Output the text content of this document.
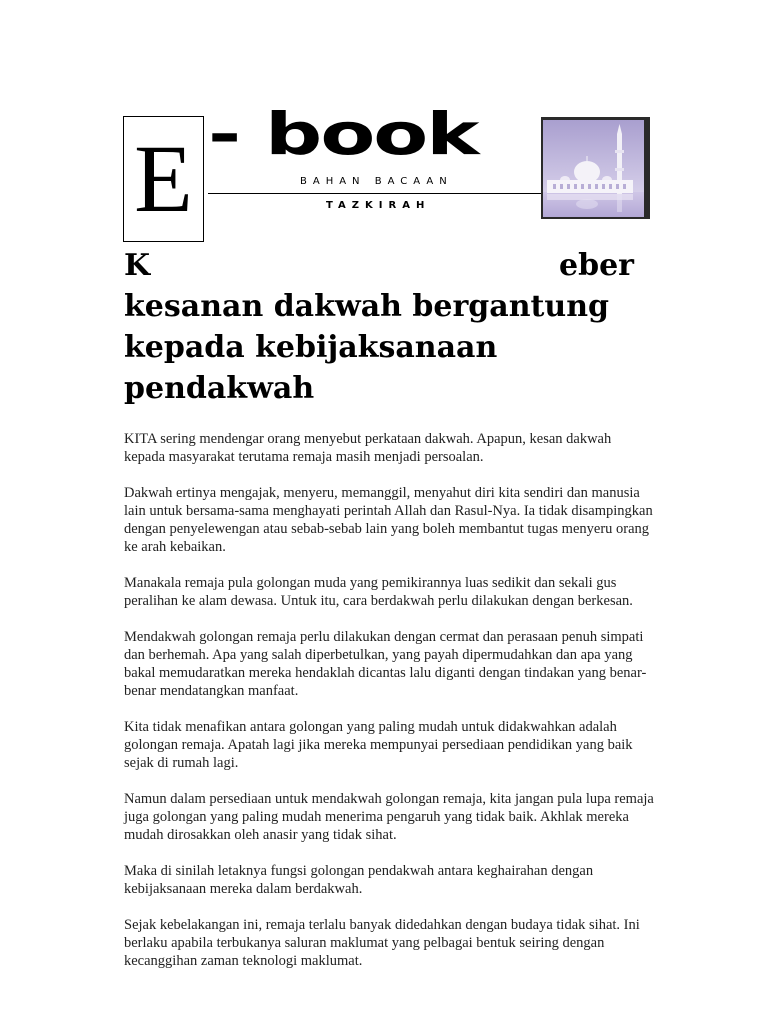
E - book
BAHAN BACAAN
TAZKIRAH
K	eber
kesanan dakwah bergantung kepada kebijaksanaan pendakwah

KITA sering mendengar orang menyebut perkataan dakwah. Apapun, kesan dakwah kepada masyarakat terutama remaja masih menjadi persoalan.

Dakwah ertinya mengajak, menyeru, memanggil, menyahut diri kita sendiri dan manusia lain untuk bersama-sama menghayati perintah Allah dan Rasul-Nya. Ia tidak disampingkan dengan penyelewengan atau sebab-sebab lain yang boleh membantut tugas menyeru orang ke arah kebaikan.

Manakala remaja pula golongan muda yang pemikirannya luas sedikit dan sekali gus peralihan ke alam dewasa. Untuk itu, cara berdakwah perlu dilakukan dengan berkesan.

Mendakwah golongan remaja perlu dilakukan dengan cermat dan perasaan penuh simpati dan berhemah. Apa yang salah diperbetulkan, yang payah dipermudahkan dan apa yang bakal memudaratkan mereka hendaklah dicantas lalu diganti dengan tindakan yang benar-benar mendatangkan manfaat.

Kita tidak menafikan antara golongan yang paling mudah untuk didakwahkan adalah golongan remaja. Apatah lagi jika mereka mempunyai persediaan pendidikan yang baik sejak di rumah lagi.

Namun dalam persediaan untuk mendakwah golongan remaja, kita jangan pula lupa remaja juga golongan yang paling mudah menerima pengaruh yang tidak baik. Akhlak mereka mudah dirosakkan oleh anasir yang tidak sihat.

Maka di sinilah letaknya fungsi golongan pendakwah antara keghairahan dengan kebijaksanaan mereka dalam berdakwah.

Sejak kebelakangan ini, remaja terlalu banyak didedahkan dengan budaya tidak sihat. Ini berlaku apabila terbukanya saluran maklumat yang pelbagai bentuk seiring dengan kecanggihan zaman teknologi maklumat.
